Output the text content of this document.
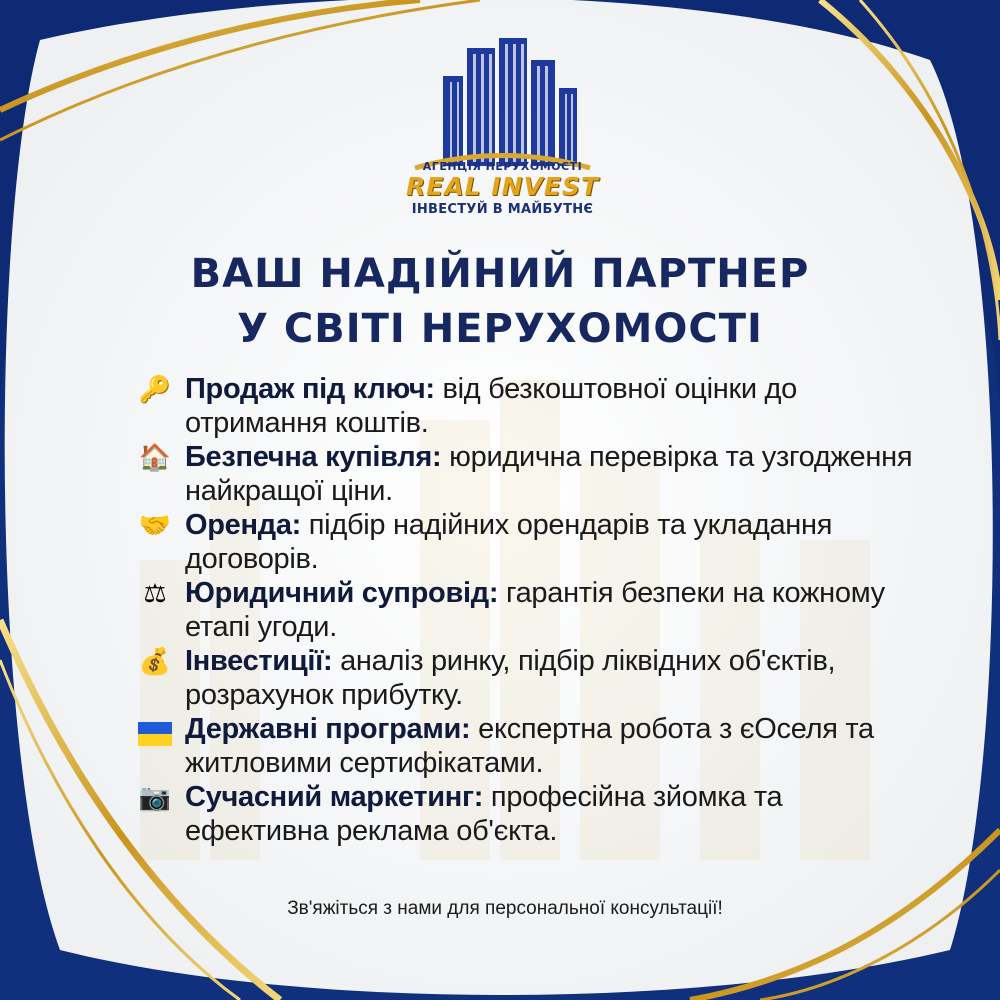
АГЕНЦІЯ НЕРУХОМОСТІ
REAL INVEST
ІНВЕСТУЙ В МАЙБУТНЄ
ВАШ НАДІЙНИЙ ПАРТНЕР
У СВІТІ НЕРУХОМОСТІ
🔑 Продаж під ключ: від безкоштовної оцінки до отримання коштів.
🏠 Безпечна купівля: юридична перевірка та узгодження найкращої ціни.
🤝 Оренда: підбір надійних орендарів та укладання договорів.
⚖ Юридичний супровід: гарантія безпеки на кожному етапі угоди.
💰 Інвестиції: аналіз ринку, підбір ліквідних об'єктів, розрахунок прибутку.
Державні програми: експертна робота з єОселя та житловими сертифікатами.
📷 Сучасний маркетинг: професійна зйомка та ефективна реклама об'єкта.
Зв'яжіться з нами для персональної консультації!
